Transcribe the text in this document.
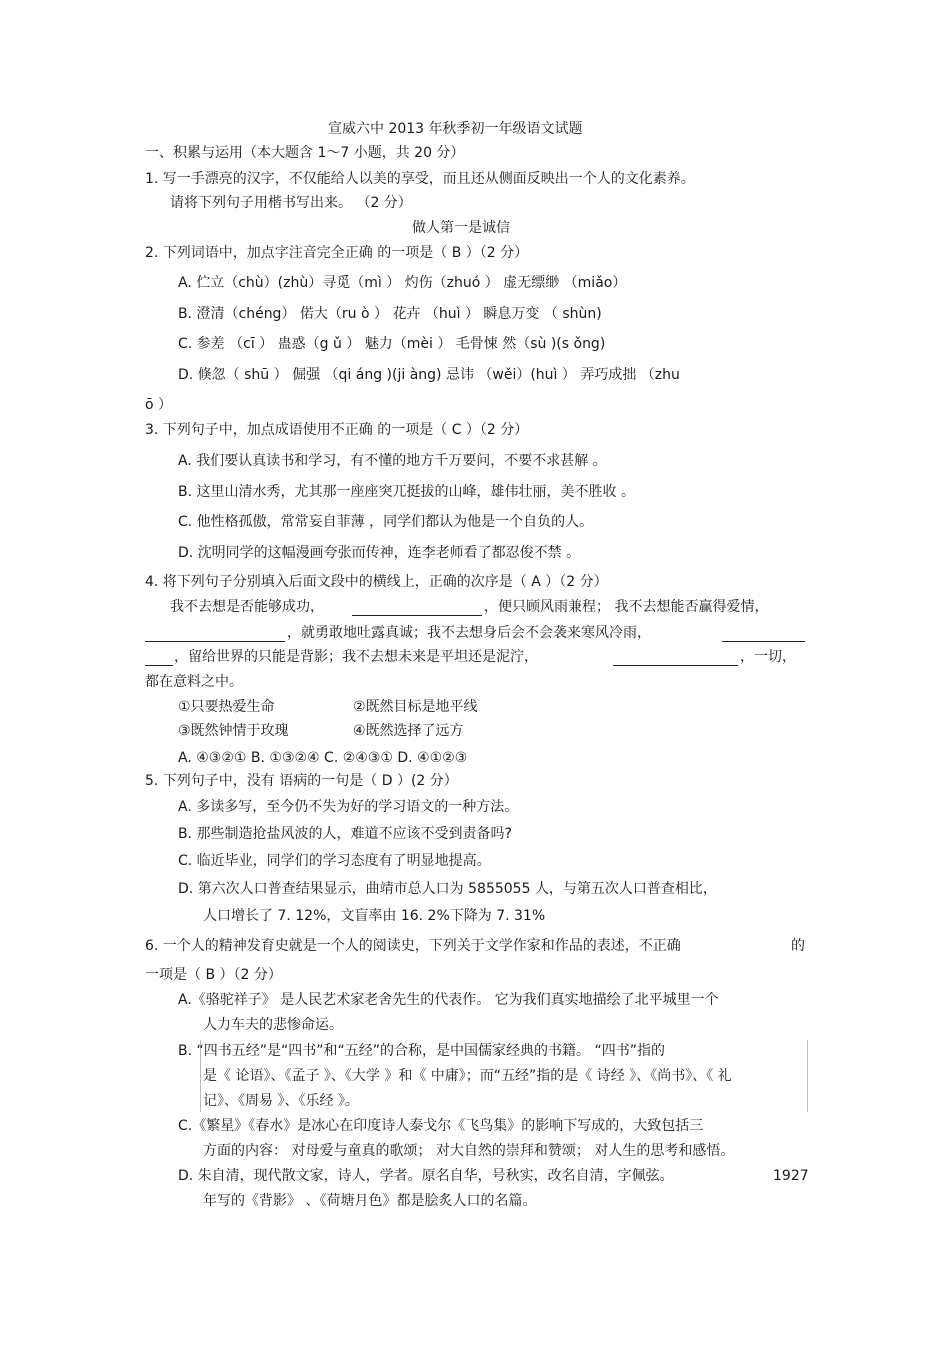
宣威六中 2013 年秋季初一年级语文试题
一、积累与运用（本大题含 1～7 小题，共 20 分）
1. 写一手漂亮的汉字，不仅能给人以美的享受，而且还从侧面反映出一个人的文化素养。
请将下列句子用楷书写出来。 （2 分）
做人第一是诚信
2. 下列词语中，加点字注音完全正确 的一项是（ B ）（2 分）
A. 伫立（chù）(zhù）寻觅（mì ） 灼伤（zhuó ） 虚无缥缈 （miǎo）
B. 澄清（chéng） 偌大（ru ò ） 花卉 （huì ） 瞬息万变 （ shùn)
C. 参差 （cī ） 蛊惑（g ǔ ） 魅力（mèi ） 毛骨悚 然（sù )(s ǒng)
D. 倏忽（ shū ） 倔强 （qi áng )(ji àng) 忌讳 （wěi）(huì ） 弄巧成拙 （zhu
ō ）
3. 下列句子中，加点成语使用不正确 的一项是（ C ）（2 分）
A. 我们要认真读书和学习，有不懂的地方千万要问，不要不求甚解 。
B. 这里山清水秀，尤其那一座座突兀挺拔的山峰，雄伟壮丽，美不胜收 。
C. 他性格孤傲，常常妄自菲薄 ，同学们都认为他是一个自负的人。
D. 沈明同学的这幅漫画夸张而传神，连李老师看了都忍俊不禁 。
4. 将下列句子分别填入后面文段中的横线上，正确的次序是（ A ）（2 分）
我不去想是否能够成功，	，便只顾风雨兼程； 我不去想能否赢得爱情，
，就勇敢地吐露真诚；我不去想身后会不会袭来寒风冷雨，
，留给世界的只能是背影；我不去想未来是平坦还是泥泞，	，一切，
都在意料之中。
①只要热爱生命	②既然目标是地平线
③既然钟情于玫瑰	④既然选择了远方
A. ④③②① B. ①③②④ C. ②④③① D. ④①②③
5. 下列句子中，没有 语病的一句是（ D ）(2 分）
A. 多读多写，至今仍不失为好的学习语文的一种方法。
B. 那些制造抢盐风波的人，难道不应该不受到责备吗?
C. 临近毕业，同学们的学习态度有了明显地提高。
D. 第六次人口普查结果显示，曲靖市总人口为 5855055 人，与第五次人口普查相比，
人口增长了 7. 12%，文盲率由 16. 2%下降为 7. 31%
6. 一个人的精神发育史就是一个人的阅读史，下列关于文学作家和作品的表述，不正确	的
一项是（ B ）（2 分）
A.《骆驼祥子》 是人民艺术家老舍先生的代表作。 它为我们真实地描绘了北平城里一个
人力车夫的悲惨命运。
B. “四书五经”是“四书”和“五经”的合称，是中国儒家经典的书籍。 “四书”指的
是《 论语》、《孟子 》、《大学 》和《 中庸》；而“五经”指的是《 诗经 》、《尚书》、《 礼
记》、《周易 》、《乐经 》。
C.《繁星》《春水》是冰心在印度诗人泰戈尔《飞鸟集》的影响下写成的，大致包括三
方面的内容： 对母爱与童真的歌颂； 对大自然的崇拜和赞颂； 对人生的思考和感悟。
D. 朱自清，现代散文家，诗人，学者。原名自华，号秋实，改名自清，字佩弦。	1927
年写的《背影》 、《荷塘月色》都是脍炙人口的名篇。
